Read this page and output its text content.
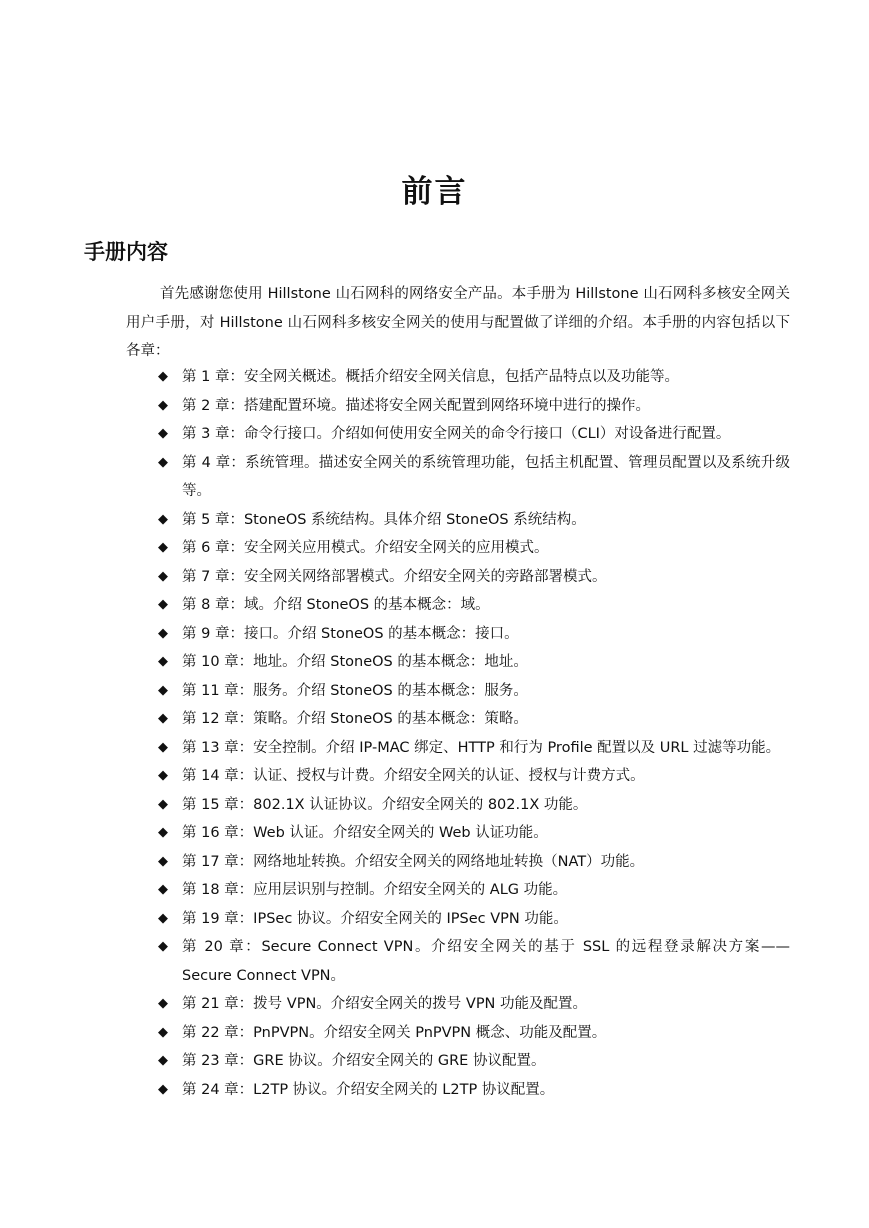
前言
手册内容

首先感谢您使用 Hillstone 山石网科的网络安全产品。本手册为 Hillstone 山石网科多核安全网关用户手册，对 Hillstone 山石网科多核安全网关的使用与配置做了详细的介绍。本手册的内容包括以下各章：

◆ 第 1 章：安全网关概述。概括介绍安全网关信息，包括产品特点以及功能等。
◆ 第 2 章：搭建配置环境。描述将安全网关配置到网络环境中进行的操作。
◆ 第 3 章：命令行接口。介绍如何使用安全网关的命令行接口（CLI）对设备进行配置。
◆ 第 4 章：系统管理。描述安全网关的系统管理功能，包括主机配置、管理员配置以及系统升级等。
◆ 第 5 章：StoneOS 系统结构。具体介绍 StoneOS 系统结构。
◆ 第 6 章：安全网关应用模式。介绍安全网关的应用模式。
◆ 第 7 章：安全网关网络部署模式。介绍安全网关的旁路部署模式。
◆ 第 8 章：域。介绍 StoneOS 的基本概念：域。
◆ 第 9 章：接口。介绍 StoneOS 的基本概念：接口。
◆ 第 10 章：地址。介绍 StoneOS 的基本概念：地址。
◆ 第 11 章：服务。介绍 StoneOS 的基本概念：服务。
◆ 第 12 章：策略。介绍 StoneOS 的基本概念：策略。
◆ 第 13 章：安全控制。介绍 IP-MAC 绑定、HTTP 和行为 Profile 配置以及 URL 过滤等功能。
◆ 第 14 章：认证、授权与计费。介绍安全网关的认证、授权与计费方式。
◆ 第 15 章：802.1X 认证协议。介绍安全网关的 802.1X 功能。
◆ 第 16 章：Web 认证。介绍安全网关的 Web 认证功能。
◆ 第 17 章：网络地址转换。介绍安全网关的网络地址转换（NAT）功能。
◆ 第 18 章：应用层识别与控制。介绍安全网关的 ALG 功能。
◆ 第 19 章：IPSec 协议。介绍安全网关的 IPSec VPN 功能。
◆ 第 20 章：Secure Connect VPN。介绍安全网关的基于 SSL 的远程登录解决方案——Secure Connect VPN。
◆ 第 21 章：拨号 VPN。介绍安全网关的拨号 VPN 功能及配置。
◆ 第 22 章：PnPVPN。介绍安全网关 PnPVPN 概念、功能及配置。
◆ 第 23 章：GRE 协议。介绍安全网关的 GRE 协议配置。
◆ 第 24 章：L2TP 协议。介绍安全网关的 L2TP 协议配置。
